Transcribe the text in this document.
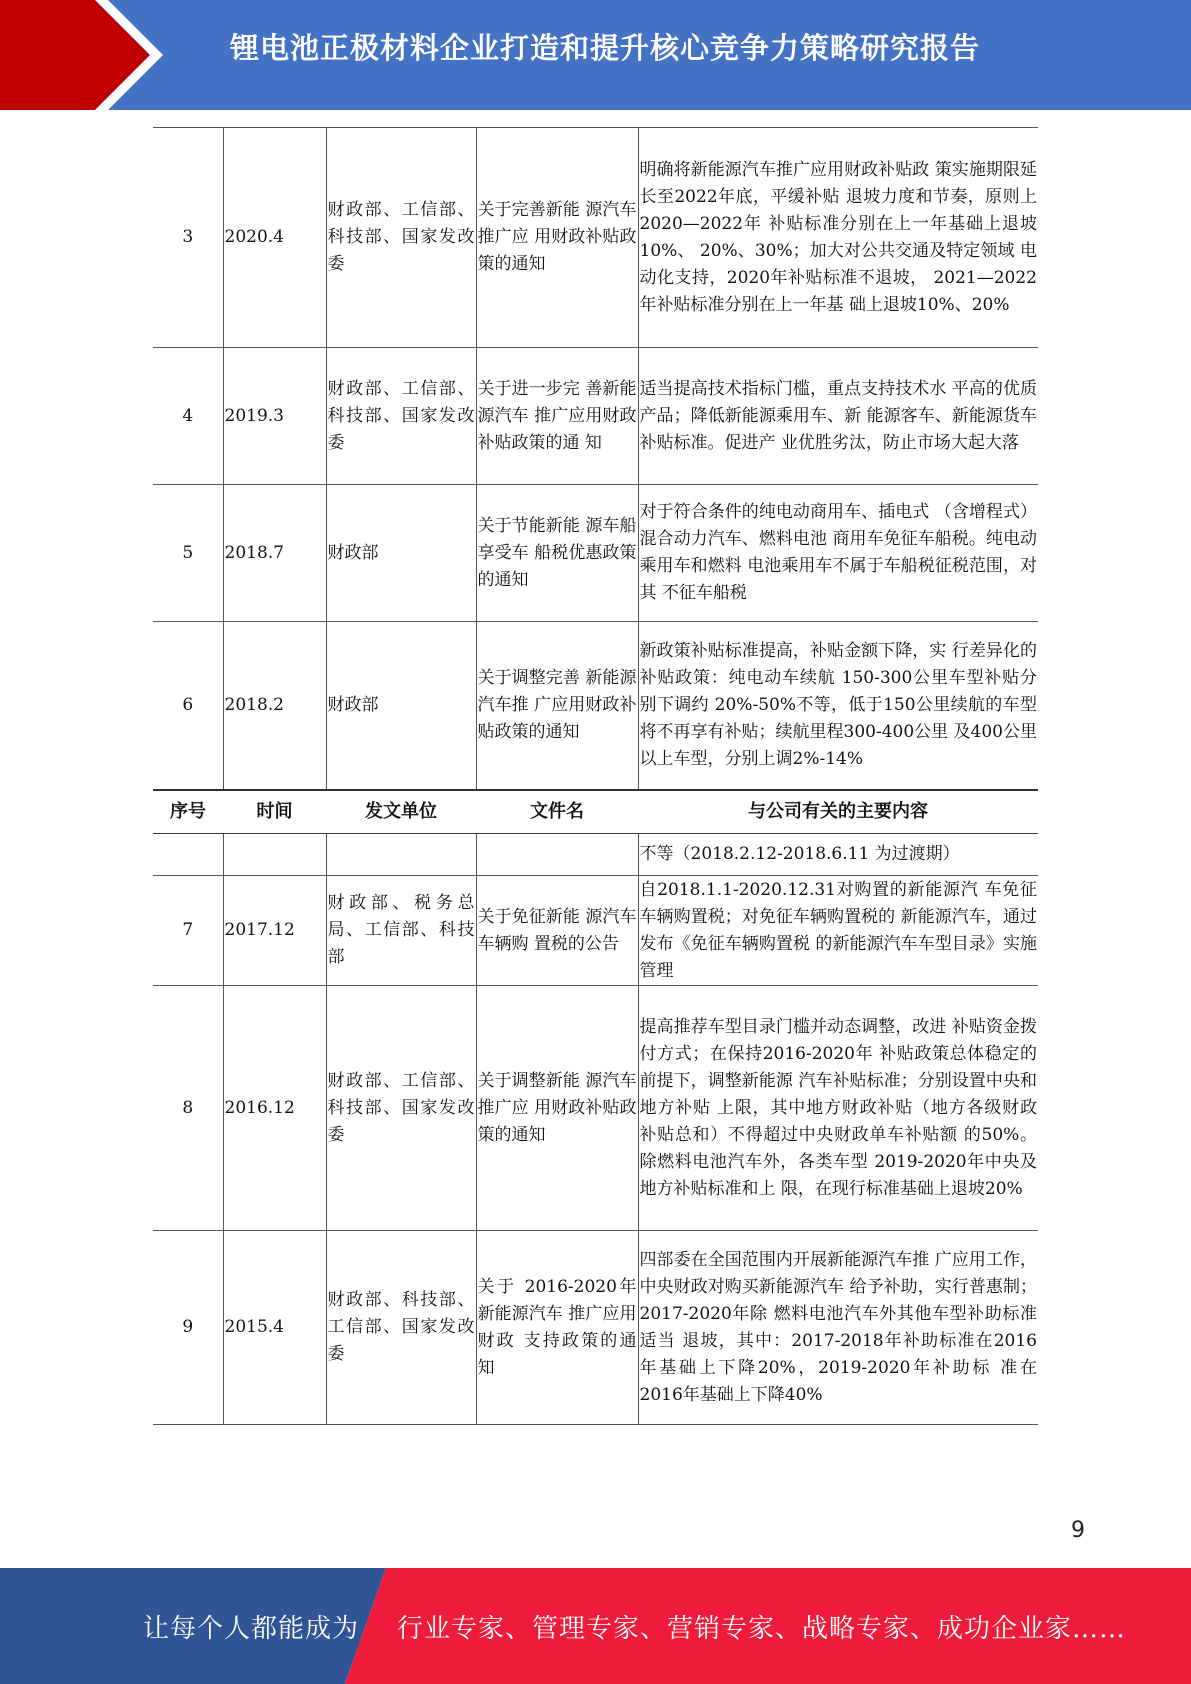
锂电池正极材料企业打造和提升核心竞争力策略研究报告
3	2020.4	财政部、工信部、科技部、国家发改委	关于完善新能 源汽车推广应 用财政补贴政 策的通知	明确将新能源汽车推广应用财政补贴政 策实施期限延长至2022年底，平缓补贴 退坡力度和节奏，原则上2020—2022年 补贴标准分别在上一年基础上退坡10%、 20%、30%；加大对公共交通及特定领域 电动化支持，2020年补贴标准不退坡， 2021—2022年补贴标准分别在上一年基 础上退坡10%、20%
4	2019.3	财政部、工信部、科技部、国家发改委	关于进一步完 善新能源汽车 推广应用财政 补贴政策的通 知	适当提高技术指标门槛，重点支持技术水 平高的优质产品；降低新能源乘用车、新 能源客车、新能源货车补贴标准。促进产 业优胜劣汰，防止市场大起大落
5	2018.7	财政部	关于节能新能 源车船享受车 船税优惠政策 的通知	对于符合条件的纯电动商用车、插电式 （含增程式）混合动力汽车、燃料电池 商用车免征车船税。纯电动乘用车和燃料 电池乘用车不属于车船税征税范围，对其 不征车船税
6	2018.2	财政部	关于调整完善 新能源汽车推 广应用财政补 贴政策的通知	新政策补贴标准提高，补贴金额下降，实 行差异化的补贴政策：纯电动车续航 150-300公里车型补贴分别下调约 20%-50%不等，低于150公里续航的车型 将不再享有补贴；续航里程300-400公里 及400公里以上车型，分别上调2%-14%
序号	时间	发文单位	文件名	与公司有关的主要内容
				不等（2018.2.12-2018.6.11 为过渡期）
7	2017.12	财政部、税务总局、工信部、科技部	关于免征新能 源汽车车辆购 置税的公告	自2018.1.1-2020.12.31对购置的新能源汽 车免征车辆购置税；对免征车辆购置税的 新能源汽车，通过发布《免征车辆购置税 的新能源汽车车型目录》实施管理
8	2016.12	财政部、工信部、科技部、国家发改委	关于调整新能 源汽车推广应 用财政补贴政 策的通知	提高推荐车型目录门槛并动态调整，改进 补贴资金拨付方式；在保持2016-2020年 补贴政策总体稳定的前提下，调整新能源 汽车补贴标准；分别设置中央和地方补贴 上限，其中地方财政补贴（地方各级财政 补贴总和）不得超过中央财政单车补贴额 的50%。除燃料电池汽车外，各类车型 2019-2020年中央及地方补贴标准和上 限，在现行标准基础上退坡20%
9	2015.4	财政部、科技部、工信部、国家发改委	关于 2016-2020年新能源汽车 推广应用财政 支持政策的通 知	四部委在全国范围内开展新能源汽车推 广应用工作，中央财政对购买新能源汽车 给予补助，实行普惠制；2017-2020年除 燃料电池汽车外其他车型补助标准适当 退坡，其中：2017-2018年补助标准在2016 年基础上下降20%，2019-2020年补助标 准在2016年基础上下降40%
9
让每个人都能成为 行业专家、管理专家、营销专家、战略专家、成功企业家……
